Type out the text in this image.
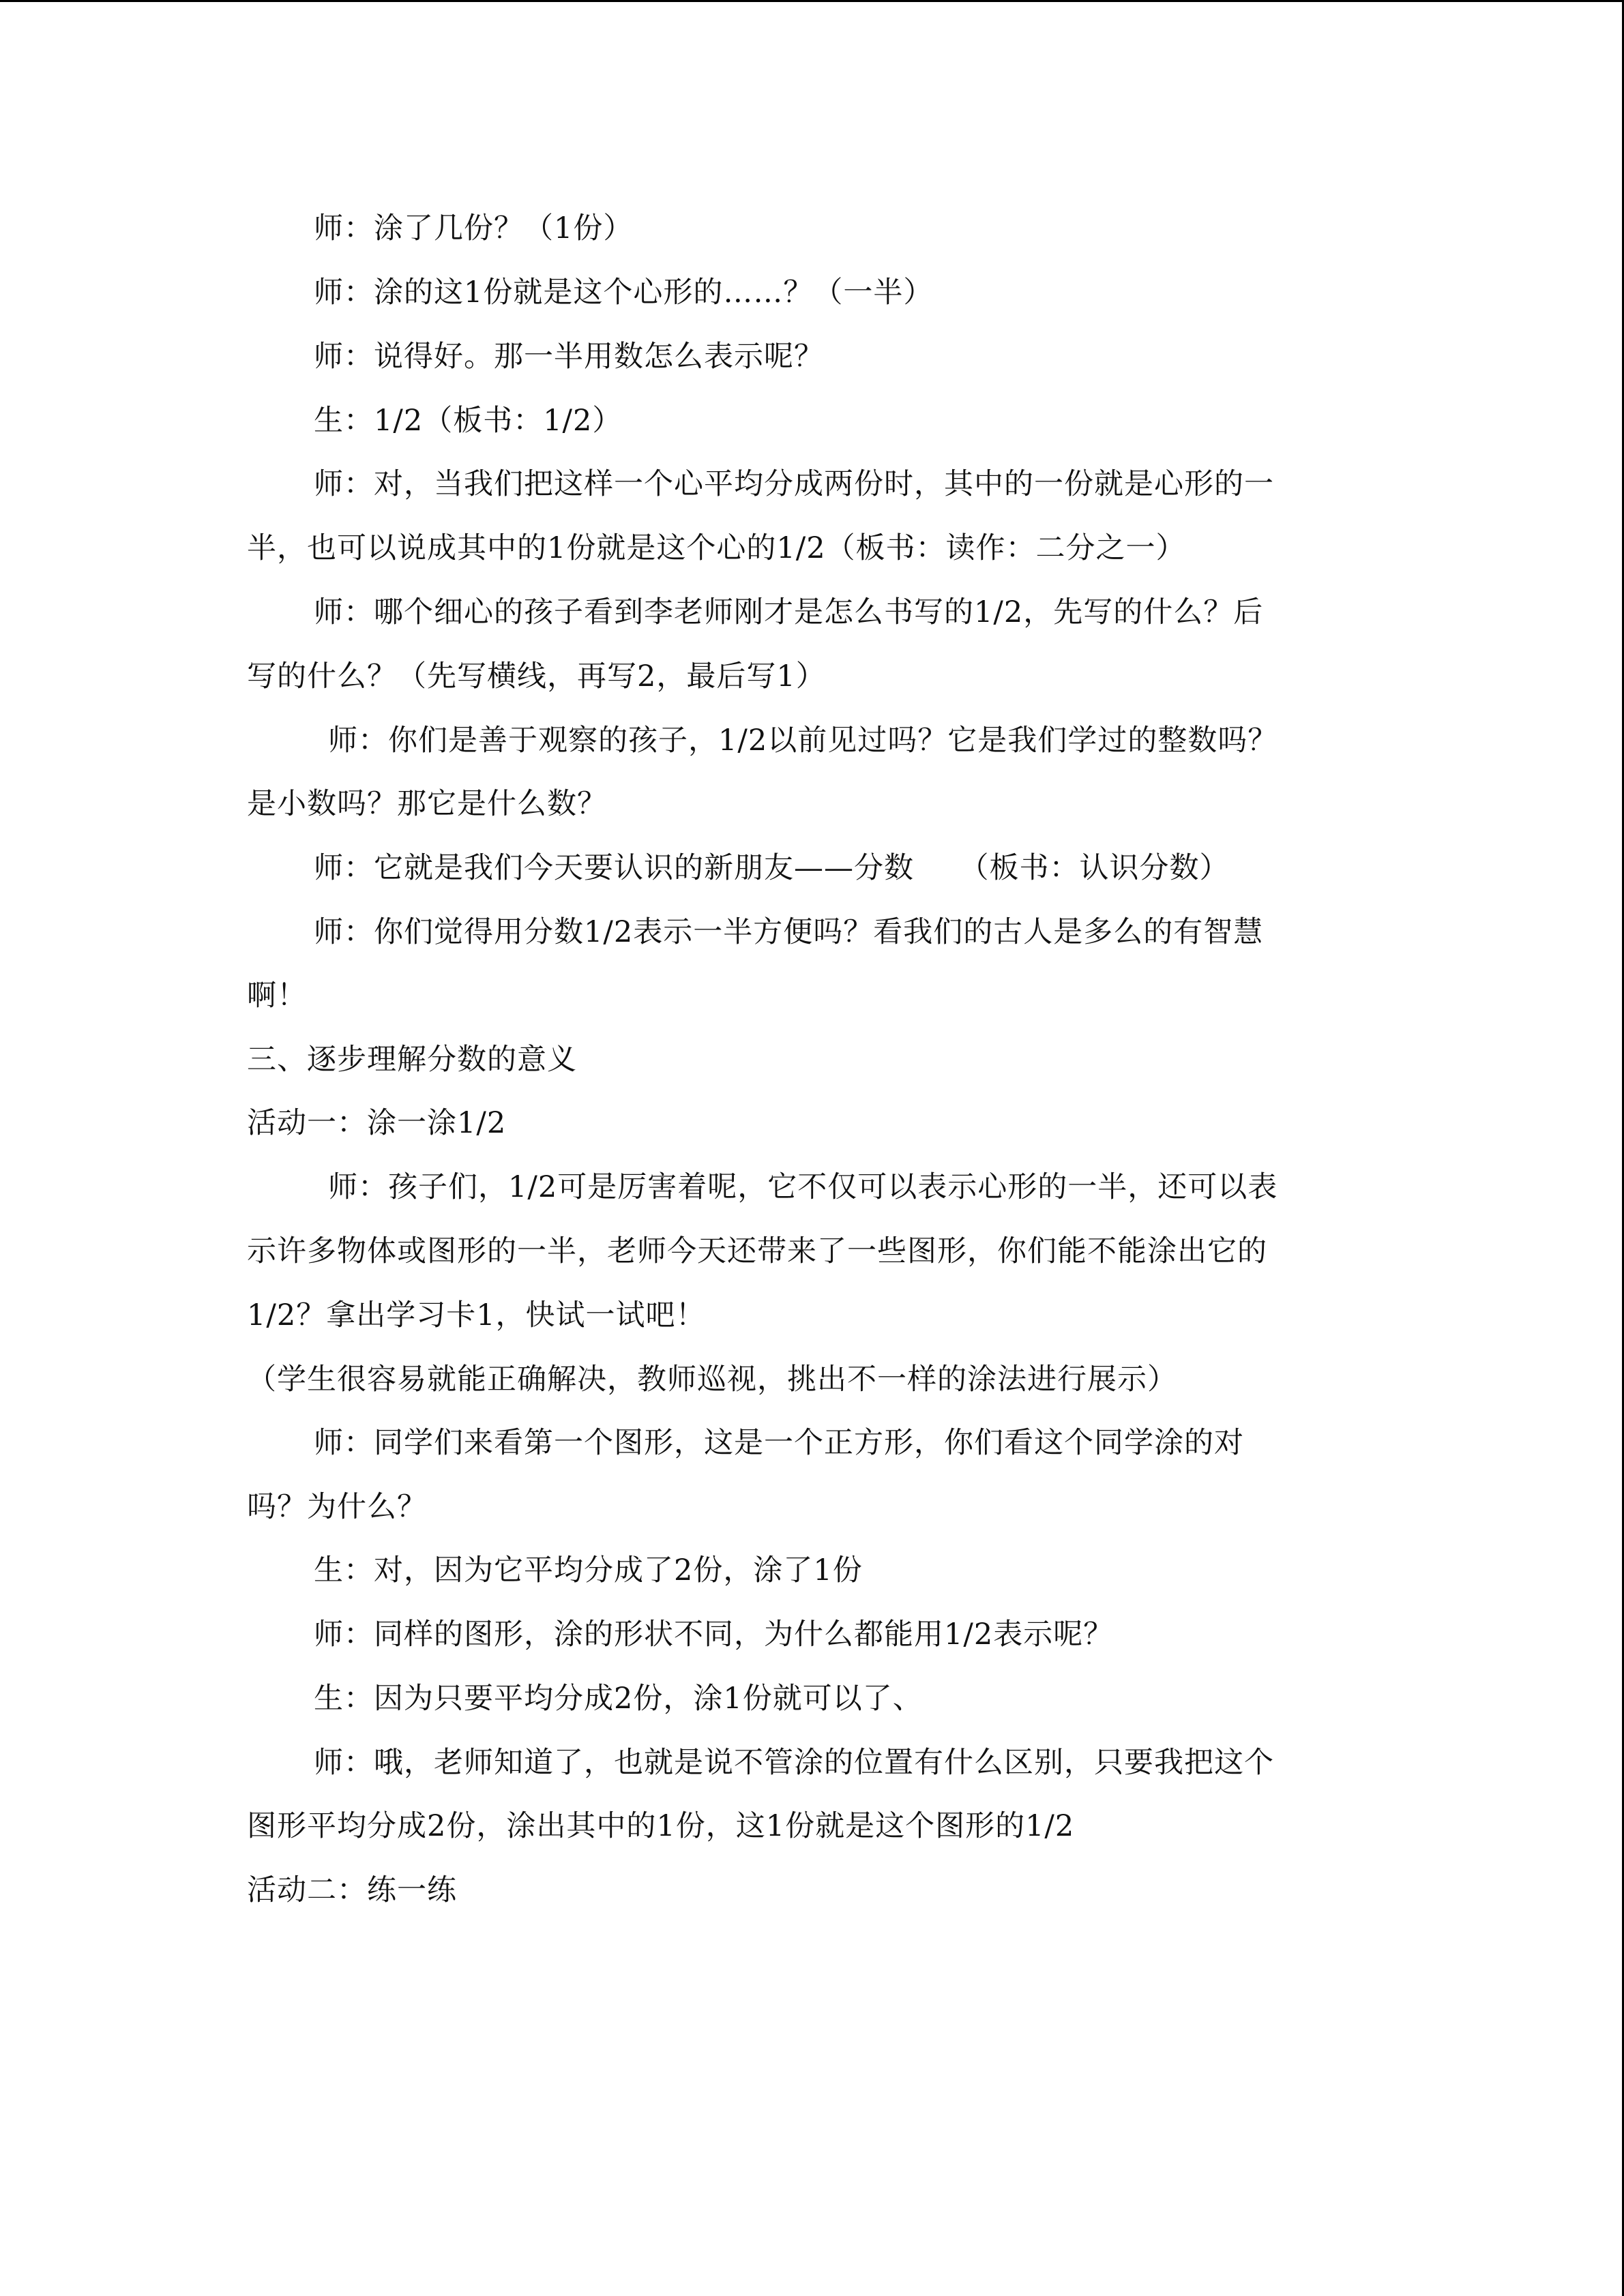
师：涂了几份？（1份）
师：涂的这1份就是这个心形的……？（一半）
师：说得好。那一半用数怎么表示呢？
生：1/2（板书：1/2）
师：对，当我们把这样一个心平均分成两份时，其中的一份就是心形的一
半，也可以说成其中的1份就是这个心的1/2（板书：读作：二分之一）
师：哪个细心的孩子看到李老师刚才是怎么书写的1/2，先写的什么？后
写的什么？（先写横线，再写2，最后写1）
师：你们是善于观察的孩子，1/2以前见过吗？它是我们学过的整数吗？
是小数吗？那它是什么数？
师：它就是我们今天要认识的新朋友——分数　　（板书：认识分数）
师：你们觉得用分数1/2表示一半方便吗？看我们的古人是多么的有智慧
啊！
三、逐步理解分数的意义
活动一：涂一涂1/2
师：孩子们，1/2可是厉害着呢，它不仅可以表示心形的一半，还可以表
示许多物体或图形的一半，老师今天还带来了一些图形，你们能不能涂出它的
1/2？拿出学习卡1，快试一试吧！
（学生很容易就能正确解决，教师巡视，挑出不一样的涂法进行展示）
师：同学们来看第一个图形，这是一个正方形，你们看这个同学涂的对
吗？为什么？
生：对，因为它平均分成了2份，涂了1份
师：同样的图形，涂的形状不同，为什么都能用1/2表示呢？
生：因为只要平均分成2份，涂1份就可以了、
师：哦，老师知道了，也就是说不管涂的位置有什么区别，只要我把这个
图形平均分成2份，涂出其中的1份，这1份就是这个图形的1/2
活动二：练一练
